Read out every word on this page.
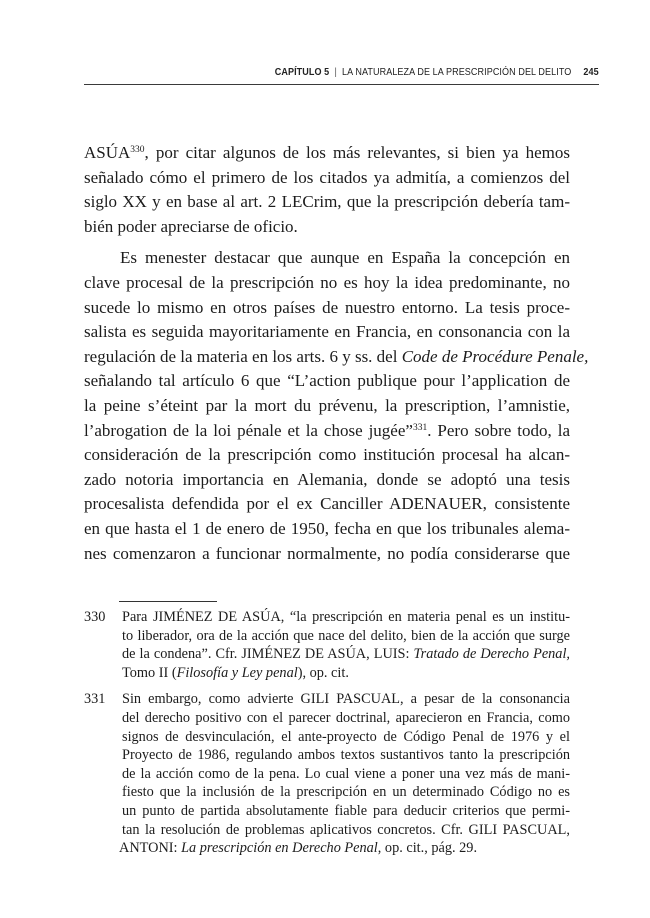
CAPÍTULO 5 | LA NATURALEZA DE LA PRESCRIPCIÓN DEL DELITO 245
ASÚA$^{330}$, por citar algunos de los más relevantes, si bien ya hemos
señalado cómo el primero de los citados ya admitía, a comienzos del
siglo XX y en base al art. 2 LECrim, que la prescripción debería tam-
bién poder apreciarse de oficio.
Es menester destacar que aunque en España la concepción en
clave procesal de la prescripción no es hoy la idea predominante, no
sucede lo mismo en otros países de nuestro entorno. La tesis proce-
salista es seguida mayoritariamente en Francia, en consonancia con la
regulación de la materia en los arts. 6 y ss. del Code de Procédure Penale,
señalando tal artículo 6 que “L’action publique pour l’application de
la peine s’éteint par la mort du prévenu, la prescription, l’amnistie,
l’abrogation de la loi pénale et la chose jugée”$^{331}$. Pero sobre todo, la
consideración de la prescripción como institución procesal ha alcan-
zado notoria importancia en Alemania, donde se adoptó una tesis
procesalista defendida por el ex Canciller ADENAUER, consistente
en que hasta el 1 de enero de 1950, fecha en que los tribunales alema-
nes comenzaron a funcionar normalmente, no podía considerarse que
330 Para JIMÉNEZ DE ASÚA, “la prescripción en materia penal es un institu-
to liberador, ora de la acción que nace del delito, bien de la acción que surge
de la condena”. Cfr. JIMÉNEZ DE ASÚA, LUIS: Tratado de Derecho Penal,
Tomo II (Filosofía y Ley penal), op. cit.
331 Sin embargo, como advierte GILI PASCUAL, a pesar de la consonancia
del derecho positivo con el parecer doctrinal, aparecieron en Francia, como
signos de desvinculación, el ante-proyecto de Código Penal de 1976 y el
Proyecto de 1986, regulando ambos textos sustantivos tanto la prescripción
de la acción como de la pena. Lo cual viene a poner una vez más de mani-
fiesto que la inclusión de la prescripción en un determinado Código no es
un punto de partida absolutamente fiable para deducir criterios que permi-
tan la resolución de problemas aplicativos concretos. Cfr. GILI PASCUAL,
ANTONI: La prescripción en Derecho Penal, op. cit., pág. 29.
